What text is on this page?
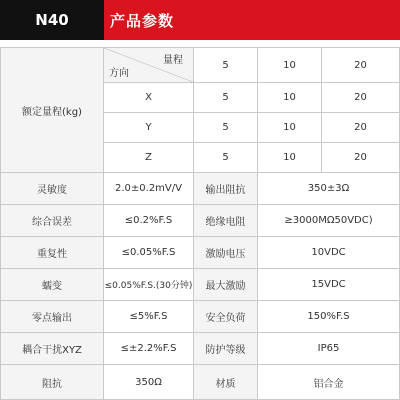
N40	产品参数
额定量程(kg)
量程
方向
5	10	20
X	5	10	20
Y	5	10	20
Z	5	10	20
灵敏度	2.0±0.2mV/V	输出阻抗	350±3Ω
综合误差	≤0.2%F.S	绝缘电阻	≥3000MΩ50VDC)
重复性	≤0.05%F.S	激励电压	10VDC
蠕变	≤0.05%F.S.(30分钟)	最大激励	15VDC
零点输出	≤5%F.S	安全负荷	150%F.S
耦合干扰XYZ	≤±2.2%F.S	防护等级	IP65
阻抗	350Ω	材质	铝合金
